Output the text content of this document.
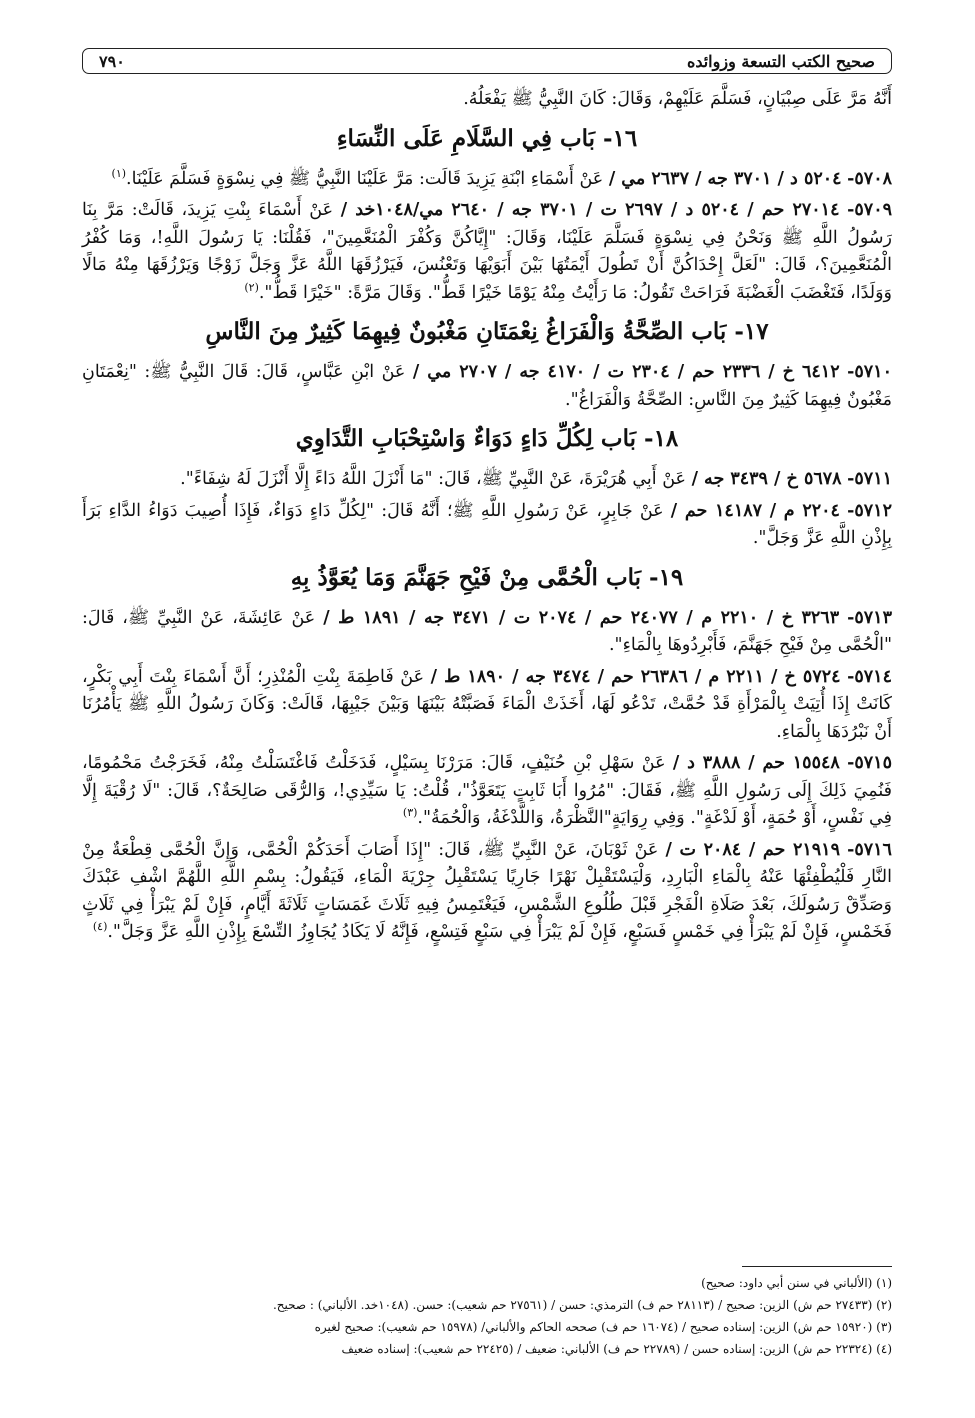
صحيح الكتب التسعة وزوائده
٧٩٠

أَنَّهُ مَرَّ عَلَى صِبْيَانٍ، فَسَلَّمَ عَلَيْهِمْ، وَقَالَ: كَانَ النَّبِيُّ ﷺ يَفْعَلُهُ.

١٦- بَاب فِي السَّلَامِ عَلَى النِّسَاءِ

٥٧٠٨- ٥٢٠٤ د / ٣٧٠١ جه / ٢٦٣٧ مي / عَنْ أَسْمَاءِ ابْنَةِ يَزِيدَ قَالَت: مَرَّ عَلَيْنَا النَّبِيُّ ﷺ فِي نِسْوَةٍ فَسَلَّمَ عَلَيْنَا.$^{(١)}$

٥٧٠٩- ٢٧٠١٤ حم / ٥٢٠٤ د / ٢٦٩٧ ت / ٣٧٠١ جه / ٢٦٤٠ مي/١٠٤٨خد / عَنْ أَسْمَاءَ بِنْتِ يَزِيدَ، قَالَتْ: مَرَّ بِنَا رَسُولُ اللَّهِ ﷺ وَنَحْنُ فِي نِسْوَةٍ فَسَلَّمَ عَلَيْنَا، وَقَالَ: "إِيَّاكُنَّ وَكُفْرَ الْمُنَعَّمِينَ"، فَقُلْنَا: يَا رَسُولَ اللَّهِ!، وَمَا كُفْرُ الْمُنَعَّمِينَ؟، قَالَ: "لَعَلَّ إِحْدَاكُنَّ أَنْ تَطُولَ أَيْمَتُهَا بَيْنَ أَبَوَيْهَا وَتَعْنُسَ، فَيَرْزُقَهَا اللَّهُ عَزَّ وَجَلَّ زَوْجًا وَيَرْزُقَهَا مِنْهُ مَالًا وَوَلَدًا، فَتَغْضَبَ الْغَضْبَةَ فَرَاحَتْ تَقُولُ: مَا رَأَيْتُ مِنْهُ يَوْمًا خَيْرًا قَطُّ". وَقَالَ مَرَّةً: "خَيْرًا قَطُّ".$^{(٢)}$

١٧- بَاب الصِّحَّةُ وَالْفَرَاغُ نِعْمَتَانِ مَغْبُونٌ فِيهِمَا كَثِيرٌ مِنَ النَّاسِ

٥٧١٠- ٦٤١٢ خ / ٢٣٣٦ حم / ٢٣٠٤ ت / ٤١٧٠ جه / ٢٧٠٧ مي / عَنْ ابْنِ عَبَّاسٍ، قَالَ: قَالَ النَّبِيُّ ﷺ: "نِعْمَتَانِ مَغْبُونٌ فِيهِمَا كَثِيرٌ مِنَ النَّاسِ: الصِّحَّةُ وَالْفَرَاغُ".

١٨- بَاب لِكُلِّ دَاءٍ دَوَاءٌ وَاسْتِحْبَابِ التَّدَاوِي

٥٧١١- ٥٦٧٨ خ / ٣٤٣٩ جه / عَنْ أَبِي هُرَيْرَةَ، عَنْ النَّبِيِّ ﷺ، قَالَ: "مَا أَنْزَلَ اللَّهُ دَاءً إِلَّا أَنْزَلَ لَهُ شِفَاءً".

٥٧١٢- ٢٢٠٤ م / ١٤١٨٧ حم / عَنْ جَابِرٍ، عَنْ رَسُولِ اللَّهِ ﷺ؛ أَنَّهُ قَالَ: "لِكُلِّ دَاءٍ دَوَاءٌ، فَإِذَا أُصِيبَ دَوَاءُ الدَّاءِ بَرَأَ بِإِذْنِ اللَّهِ عَزَّ وَجَلَّ".

١٩- بَاب الْحُمَّى مِنْ فَيْحِ جَهَنَّمَ وَمَا يُعَوَّذُ بِهِ

٥٧١٣- ٣٢٦٣ خ / ٢٢١٠ م / ٢٤٠٧٧ حم / ٢٠٧٤ ت / ٣٤٧١ جه / ١٨٩١ ط / عَنْ عَائِشَةَ، عَنْ النَّبِيِّ ﷺ، قَالَ: "الْحُمَّى مِنْ فَيْحِ جَهَنَّمَ، فَأَبْرِدُوهَا بِالْمَاءِ".

٥٧١٤- ٥٧٢٤ خ / ٢٢١١ م / ٢٦٣٨٦ حم / ٣٤٧٤ جه / ١٨٩٠ ط / عَنْ فَاطِمَةَ بِنْتِ الْمُنْذِرِ؛ أَنَّ أَسْمَاءَ بِنْتَ أَبِي بَكْرٍ، كَانَتْ إِذَا أُتِيَتْ بِالْمَرْأَةِ قَدْ حُمَّتْ، تَدْعُو لَهَا، أَخَذَتْ الْمَاءَ فَصَبَّتْهُ بَيْنَهَا وَبَيْنَ جَيْبِهَا، قَالَتْ: وَكَانَ رَسُولُ اللَّهِ ﷺ يَأْمُرُنَا أَنْ نَبْرُدَهَا بِالْمَاءِ.

٥٧١٥- ١٥٥٤٨ حم / ٣٨٨٨ د / عَنْ سَهْلِ بْنِ حُنَيْفٍ، قَالَ: مَرَرْنَا بِسَيْلٍ، فَدَخَلْتُ فَاغْتَسَلْتُ مِنْهُ، فَخَرَجْتُ مَحْمُومًا، فَنُمِيَ ذَلِكَ إِلَى رَسُولِ اللَّهِ ﷺ، فَقَالَ: "مُرُوا أَبَا ثَابِتٍ يَتَعَوَّذُ"، قُلْتُ: يَا سَيِّدِي!، وَالرُّقَى صَالِحَةٌ؟، قَالَ: "لَا رُقْيَةَ إِلَّا فِي نَفْسٍ، أَوْ حُمَةٍ، أَوْ لَدْغَةٍ". وَفِي رِوَايَةٍ"النَّظْرَةُ، وَاللَّدْغَةُ، وَالْحُمَةُ".$^{(٣)}$

٥٧١٦- ٢١٩١٩ حم / ٢٠٨٤ ت / عَنْ ثَوْبَانَ، عَنْ النَّبِيِّ ﷺ، قَالَ: "إِذَا أَصَابَ أَحَدَكُمْ الْحُمَّى، وَإِنَّ الْحُمَّى قِطْعَةٌ مِنْ النَّارِ فَلْيُطْفِئْهَا عَنْهُ بِالْمَاءِ الْبَارِدِ، وَلْيَسْتَقْبِلْ نَهْرًا جَارِيًا يَسْتَقْبِلُ جِرْيَةَ الْمَاءِ، فَيَقُولُ: بِسْمِ اللَّهِ اللَّهُمَّ اشْفِ عَبْدَكَ وَصَدِّقْ رَسُولَكَ، بَعْدَ صَلَاةِ الْفَجْرِ قَبْلَ طُلُوعِ الشَّمْسِ، فَيَغْتَمِسُ فِيهِ ثَلَاثَ غَمَسَاتٍ ثَلَاثَةَ أَيَّامٍ، فَإِنْ لَمْ يَبْرَأْ فِي ثَلَاثٍ فَخَمْسٍ، فَإِنْ لَمْ يَبْرَأْ فِي خَمْسٍ فَسَبْعٍ، فَإِنْ لَمْ يَبْرَأْ فِي سَبْعٍ فَتِسْعٍ، فَإِنَّهُ لَا يَكَادُ يُجَاوِزُ التِّسْعَ بِإِذْنِ اللَّهِ عَزَّ وَجَلَّ".$^{(٤)}$

(١) (الألباني في سنن أبي داود: صحيح)
(٢) (٢٧٤٣٣ حم ش) الزين: صحيح / (٢٨١١٣ حم ف) الترمذي: حسن / (٢٧٥٦١ حم شعيب): حسن. (١٠٤٨خد. الألباني) : صحيح.
(٣) (١٥٩٢٠ حم ش) الزين: إسناده صحيح / (١٦٠٧٤ حم ف) صححه الحاكم والألباني/ (١٥٩٧٨ حم شعيب): صحيح لغيره
(٤) (٢٢٣٢٤ حم ش) الزين: إسناده حسن / (٢٢٧٨٩ حم ف) الألباني: ضعيف / (٢٢٤٢٥ حم شعيب): إسناده ضعيف
